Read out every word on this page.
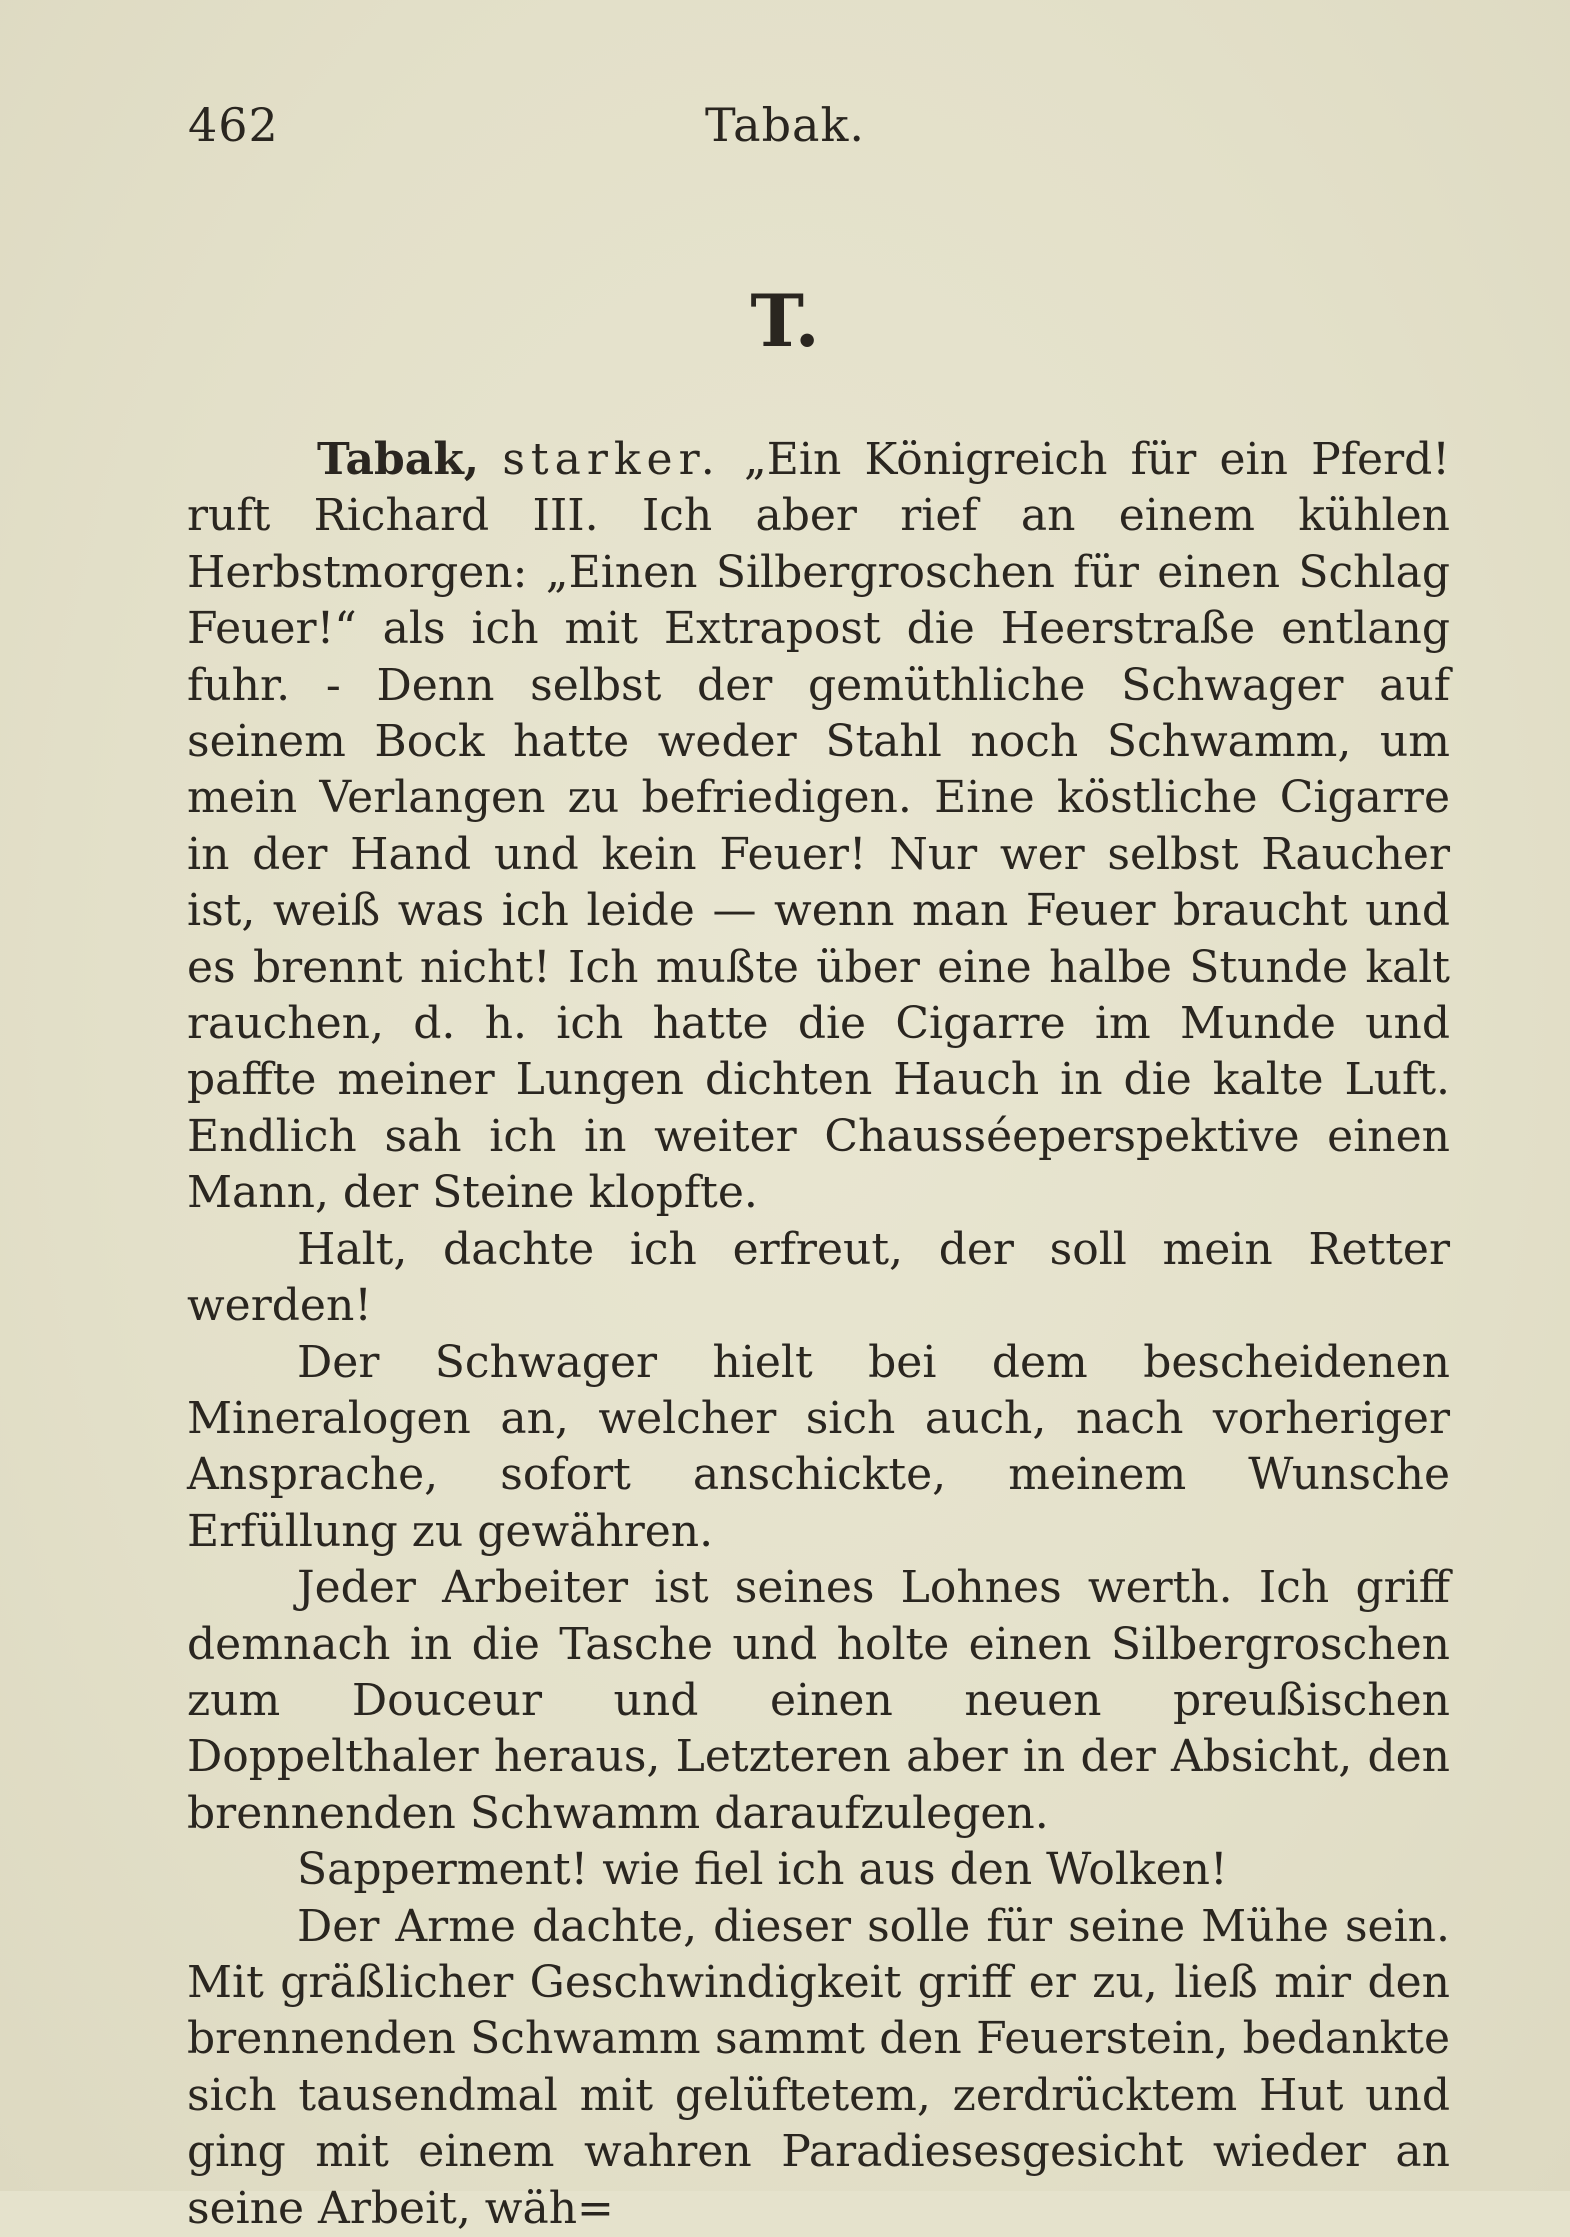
462	Tabak.
T.

Tabak, starker. „Ein Königreich für ein Pferd! ruft Richard III. Ich aber rief an einem kühlen Herbstmorgen: „Einen Silbergroschen für einen Schlag Feuer!“ als ich mit Extrapost die Heerstraße entlang fuhr. - Denn selbst der gemüthliche Schwager auf seinem Bock hatte weder Stahl noch Schwamm, um mein Verlangen zu befriedigen. Eine köstliche Cigarre in der Hand und kein Feuer! Nur wer selbst Raucher ist, weiß was ich leide — wenn man Feuer braucht und es brennt nicht! Ich mußte über eine halbe Stunde kalt rauchen, d. h. ich hatte die Cigarre im Munde und paffte meiner Lungen dichten Hauch in die kalte Luft. Endlich sah ich in weiter Chausséeperspektive einen Mann, der Steine klopfte.

Halt, dachte ich erfreut, der soll mein Retter werden!

Der Schwager hielt bei dem bescheidenen Mineralogen an, welcher sich auch, nach vorheriger Ansprache, sofort anschickte, meinem Wunsche Erfüllung zu gewähren.

Jeder Arbeiter ist seines Lohnes werth. Ich griff demnach in die Tasche und holte einen Silbergroschen zum Douceur und einen neuen preußischen Doppelthaler heraus, Letzteren aber in der Absicht, den brennenden Schwamm daraufzulegen.

Sapperment! wie fiel ich aus den Wolken!

Der Arme dachte, dieser solle für seine Mühe sein. Mit gräßlicher Geschwindigkeit griff er zu, ließ mir den brennenden Schwamm sammt den Feuerstein, bedankte sich tausendmal mit gelüftetem, zerdrücktem Hut und ging mit einem wahren Paradiesesgesicht wieder an seine Arbeit, wäh=
